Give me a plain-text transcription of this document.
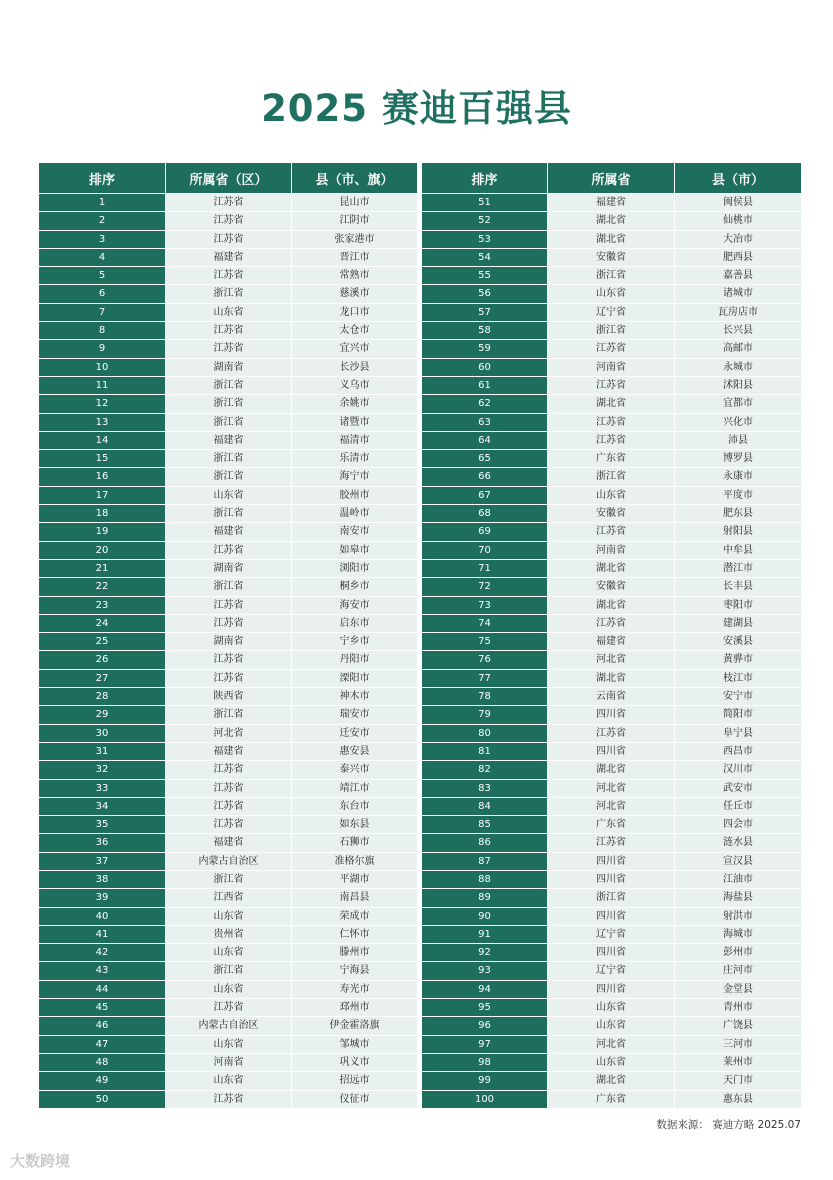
2025 赛迪百强县
排序	所属省（区）	县（市、旗）		排序	所属省	县（市）
1	江苏省	昆山市		51	福建省	闽侯县
2	江苏省	江阴市		52	湖北省	仙桃市
3	江苏省	张家港市		53	湖北省	大冶市
4	福建省	晋江市		54	安徽省	肥西县
5	江苏省	常熟市		55	浙江省	嘉善县
6	浙江省	慈溪市		56	山东省	诸城市
7	山东省	龙口市		57	辽宁省	瓦房店市
8	江苏省	太仓市		58	浙江省	长兴县
9	江苏省	宜兴市		59	江苏省	高邮市
10	湖南省	长沙县		60	河南省	永城市
11	浙江省	义乌市		61	江苏省	沭阳县
12	浙江省	余姚市		62	湖北省	宜都市
13	浙江省	诸暨市		63	江苏省	兴化市
14	福建省	福清市		64	江苏省	沛县
15	浙江省	乐清市		65	广东省	博罗县
16	浙江省	海宁市		66	浙江省	永康市
17	山东省	胶州市		67	山东省	平度市
18	浙江省	温岭市		68	安徽省	肥东县
19	福建省	南安市		69	江苏省	射阳县
20	江苏省	如皋市		70	河南省	中牟县
21	湖南省	浏阳市		71	湖北省	潜江市
22	浙江省	桐乡市		72	安徽省	长丰县
23	江苏省	海安市		73	湖北省	枣阳市
24	江苏省	启东市		74	江苏省	建湖县
25	湖南省	宁乡市		75	福建省	安溪县
26	江苏省	丹阳市		76	河北省	黄骅市
27	江苏省	溧阳市		77	湖北省	枝江市
28	陕西省	神木市		78	云南省	安宁市
29	浙江省	瑞安市		79	四川省	简阳市
30	河北省	迁安市		80	江苏省	阜宁县
31	福建省	惠安县		81	四川省	西昌市
32	江苏省	泰兴市		82	湖北省	汉川市
33	江苏省	靖江市		83	河北省	武安市
34	江苏省	东台市		84	河北省	任丘市
35	江苏省	如东县		85	广东省	四会市
36	福建省	石狮市		86	江苏省	涟水县
37	内蒙古自治区	准格尔旗		87	四川省	宣汉县
38	浙江省	平湖市		88	四川省	江油市
39	江西省	南昌县		89	浙江省	海盐县
40	山东省	荣成市		90	四川省	射洪市
41	贵州省	仁怀市		91	辽宁省	海城市
42	山东省	滕州市		92	四川省	彭州市
43	浙江省	宁海县		93	辽宁省	庄河市
44	山东省	寿光市		94	四川省	金堂县
45	江苏省	邳州市		95	山东省	青州市
46	内蒙古自治区	伊金霍洛旗		96	山东省	广饶县
47	山东省	邹城市		97	河北省	三河市
48	河南省	巩义市		98	山东省	莱州市
49	山东省	招远市		99	湖北省	天门市
50	江苏省	仪征市		100	广东省	惠东县
数据来源： 赛迪方略 2025.07
大数跨境
